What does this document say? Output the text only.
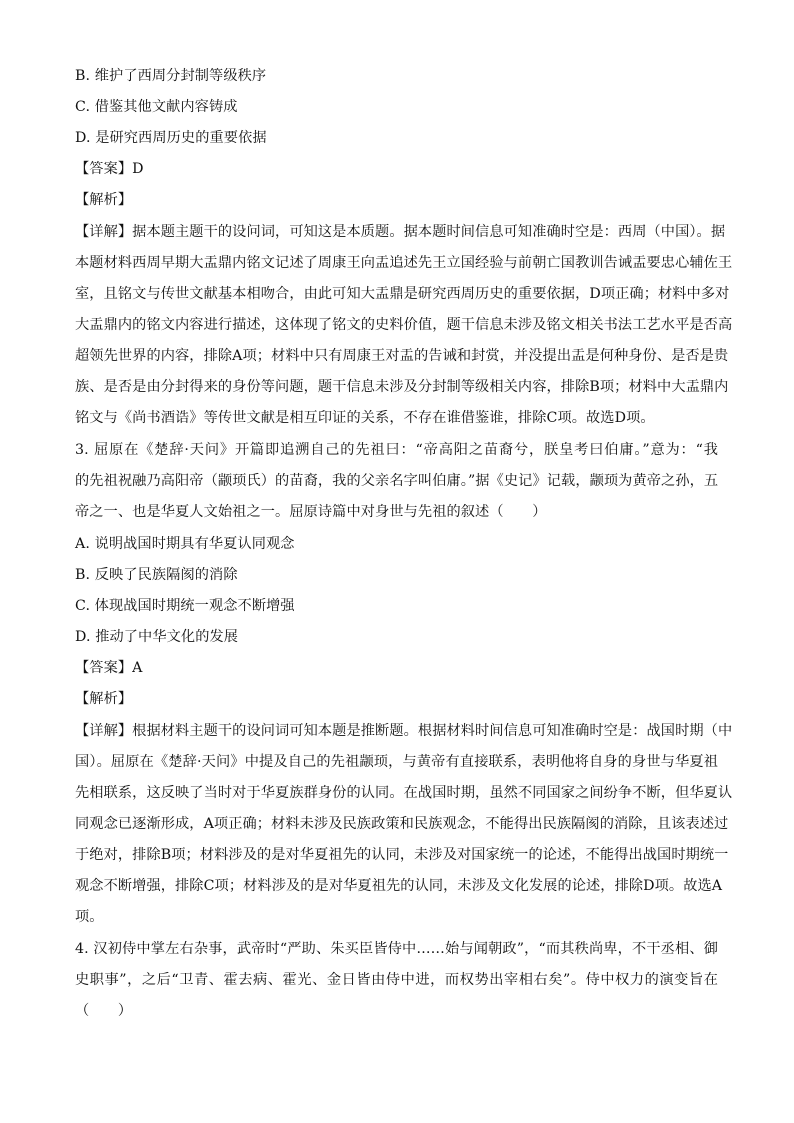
B. 维护了西周分封制等级秩序
C. 借鉴其他文献内容铸成
D. 是研究西周历史的重要依据
【答案】D
【解析】
【详解】据本题主题干的设问词，可知这是本质题。据本题时间信息可知准确时空是：西周（中国）。据
本题材料西周早期大盂鼎内铭文记述了周康王向盂追述先王立国经验与前朝亡国教训告诫盂要忠心辅佐王
室，且铭文与传世文献基本相吻合，由此可知大盂鼎是研究西周历史的重要依据，D项正确；材料中多对
大盂鼎内的铭文内容进行描述，这体现了铭文的史料价值，题干信息未涉及铭文相关书法工艺水平是否高
超领先世界的内容，排除A项；材料中只有周康王对盂的告诫和封赏，并没提出盂是何种身份、是否是贵
族、是否是由分封得来的身份等问题，题干信息未涉及分封制等级相关内容，排除B项；材料中大盂鼎内
铭文与《尚书酒诰》等传世文献是相互印证的关系，不存在谁借鉴谁，排除C项。故选D项。
3. 屈原在《楚辞·天问》开篇即追溯自己的先祖曰：“帝高阳之苗裔兮，朕皇考曰伯庸。”意为：“我
的先祖祝融乃高阳帝（颛顼氏）的苗裔，我的父亲名字叫伯庸。”据《史记》记载，颛顼为黄帝之孙，五
帝之一、也是华夏人文始祖之一。屈原诗篇中对身世与先祖的叙述（　　）
A. 说明战国时期具有华夏认同观念
B. 反映了民族隔阂的消除
C. 体现战国时期统一观念不断增强
D. 推动了中华文化的发展
【答案】A
【解析】
【详解】根据材料主题干的设问词可知本题是推断题。根据材料时间信息可知准确时空是：战国时期（中
国）。屈原在《楚辞·天问》中提及自己的先祖颛顼，与黄帝有直接联系，表明他将自身的身世与华夏祖
先相联系，这反映了当时对于华夏族群身份的认同。在战国时期，虽然不同国家之间纷争不断，但华夏认
同观念已逐渐形成，A项正确；材料未涉及民族政策和民族观念，不能得出民族隔阂的消除，且该表述过
于绝对，排除B项；材料涉及的是对华夏祖先的认同，未涉及对国家统一的论述，不能得出战国时期统一
观念不断增强，排除C项；材料涉及的是对华夏祖先的认同，未涉及文化发展的论述，排除D项。故选A
项。
4. 汉初侍中掌左右杂事，武帝时“严助、朱买臣皆侍中……始与闻朝政”，“而其秩尚卑，不干丞相、御
史职事”，之后“卫青、霍去病、霍光、金日皆由侍中进，而权势出宰相右矣”。侍中权力的演变旨在
（　　）
